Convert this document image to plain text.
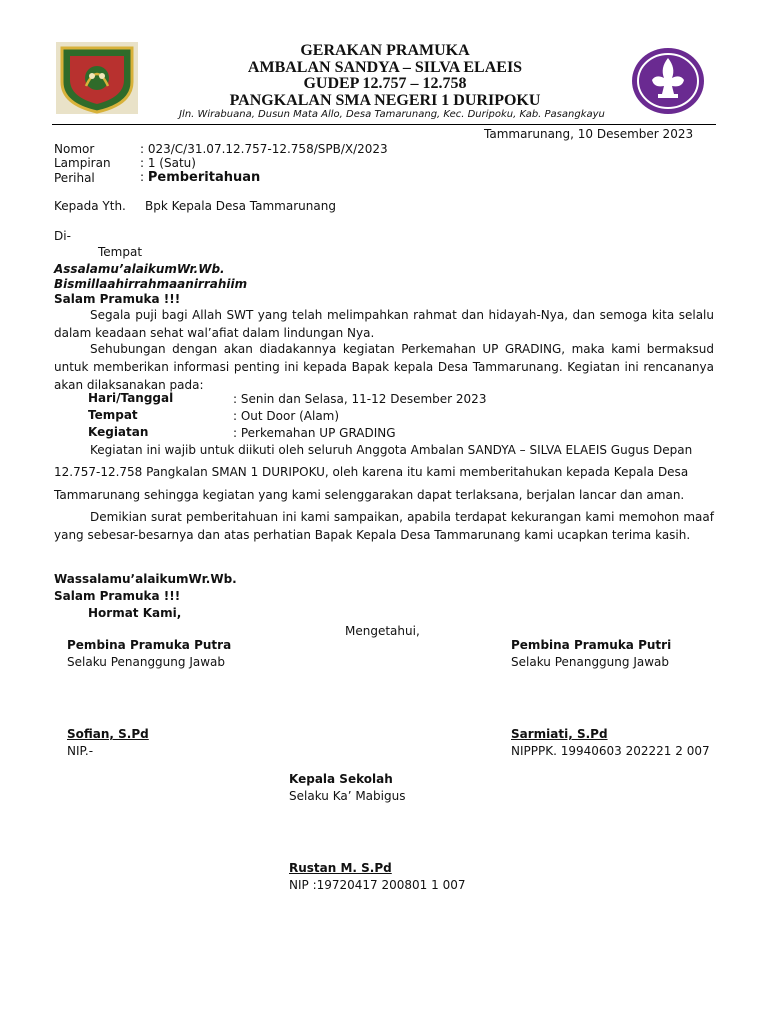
GERAKAN PRAMUKA
AMBALAN SANDYA – SILVA ELAEIS
GUDEP 12.757 – 12.758
PANGKALAN SMA NEGERI 1 DURIPOKU
Jln. Wirabuana, Dusun Mata Allo, Desa Tamarunang, Kec. Duripoku, Kab. Pasangkayu
Tammarunang, 10 Desember 2023
Nomor	: 023/C/31.07.12.757-12.758/SPB/X/2023
Lampiran : 1 (Satu)
Perihal	: Pemberitahuan
Kepada Yth. Bpk Kepala Desa Tammarunang
Di-
Tempat
Assalamu’alaikumWr.Wb.
Bismillaahirrahmaanirrahiim
Salam Pramuka !!!
Segala puji bagi Allah SWT yang telah melimpahkan rahmat dan hidayah-Nya, dan semoga kita selalu dalam keadaan sehat wal’afiat dalam lindungan Nya.
Sehubungan dengan akan diadakannya kegiatan Perkemahan UP GRADING, maka kami bermaksud untuk memberikan informasi penting ini kepada Bapak kepala Desa Tammarunang. Kegiatan ini rencananya akan dilaksanakan pada:
Hari/Tanggal	: Senin dan Selasa, 11-12 Desember 2023
Tempat	: Out Door (Alam)
Kegiatan	: Perkemahan UP GRADING
Kegiatan ini wajib untuk diikuti oleh seluruh Anggota Ambalan SANDYA – SILVA ELAEIS Gugus Depan
12.757-12.758 Pangkalan SMAN 1 DURIPOKU, oleh karena itu kami memberitahukan kepada Kepala Desa
Tammarunang sehingga kegiatan yang kami selenggarakan dapat terlaksana, berjalan lancar dan aman.
Demikian surat pemberitahuan ini kami sampaikan, apabila terdapat kekurangan kami memohon maaf yang sebesar-besarnya dan atas perhatian Bapak Kepala Desa Tammarunang kami ucapkan terima kasih.
WassalamuʼalaikumWr.Wb.
Salam Pramuka !!!
Hormat Kami,
Mengetahui,
Pembina Pramuka Putra
Selaku Penanggung Jawab
Sofian, S.Pd
NIP.-
Pembina Pramuka Putri
Selaku Penanggung Jawab
Sarmiati, S.Pd
NIPPPK. 19940603 202221 2 007
Kepala Sekolah
Selaku Ka’ Mabigus
Rustan M. S.Pd
NIP :19720417 200801 1 007
